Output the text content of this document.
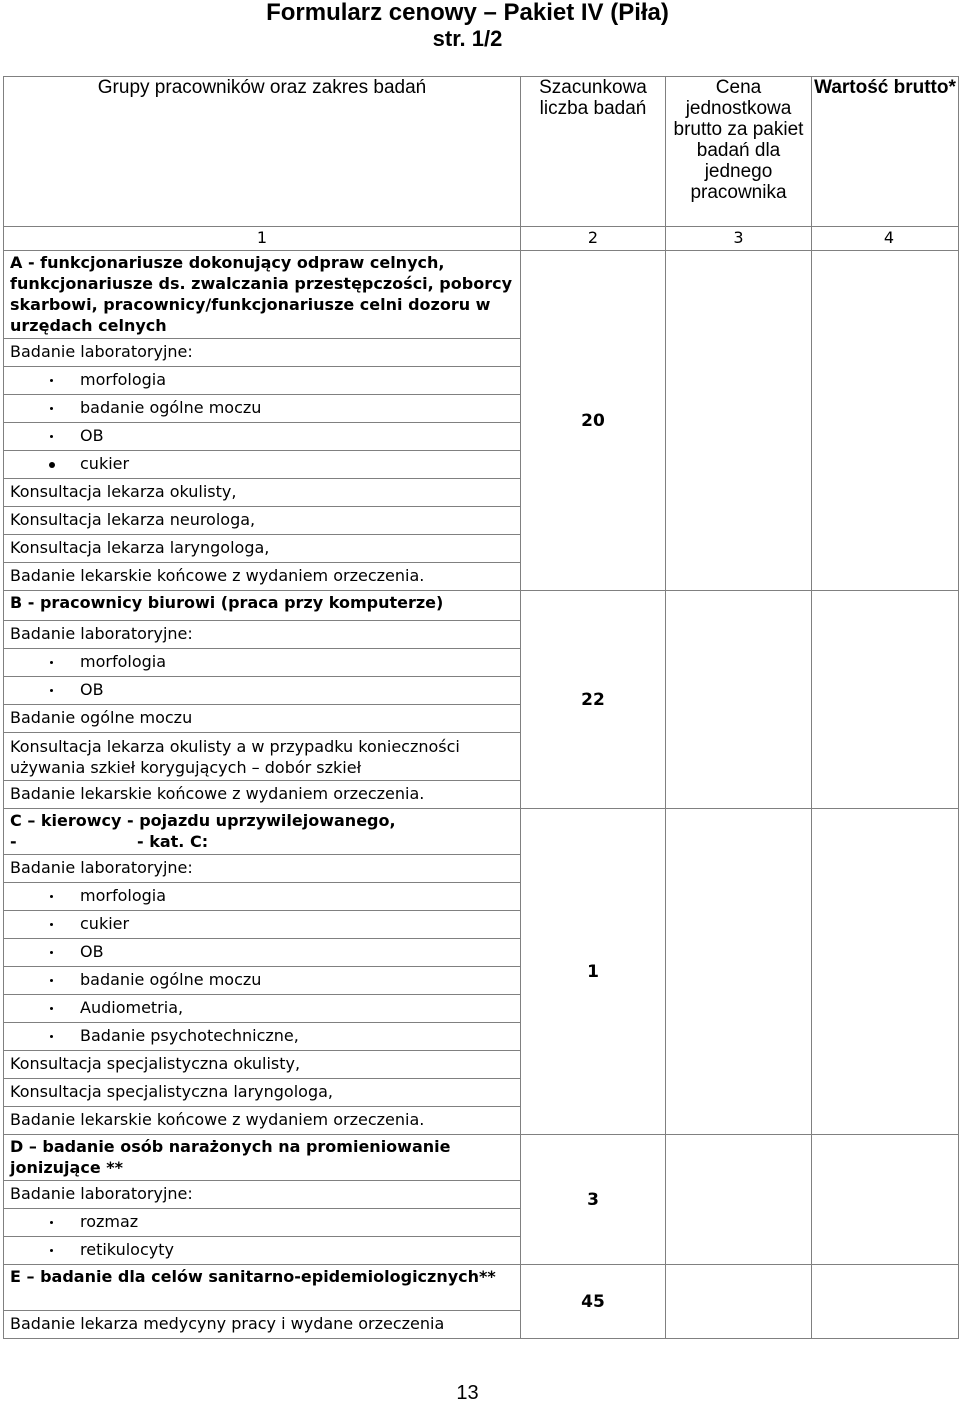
Formularz cenowy – Pakiet IV (Piła)
str. 1/2
Grupy pracowników oraz zakres badań	Szacunkowa liczba badań	Cena jednostkowa brutto za pakiet badań dla jednego pracownika	Wartość brutto*
1	2	3	4
A - funkcjonariusze dokonujący odpraw celnych, funkcjonariusze ds. zwalczania przestępczości, poborcy skarbowi, pracownicy/funkcjonariusze celni dozoru w urzędach celnych	20		
Badanie laboratoryjne:			
morfologia			
badanie ogólne moczu			
OB			
cukier			
Konsultacja lekarza okulisty,			
Konsultacja lekarza neurologa,			
Konsultacja lekarza laryngologa,			
Badanie lekarskie końcowe z wydaniem orzeczenia.			
B - pracownicy biurowi (praca przy komputerze)	22		
Badanie laboratoryjne:			
morfologia			
OB			
Badanie ogólne moczu			
Konsultacja lekarza okulisty a w przypadku konieczności używania szkieł korygujących – dobór szkieł			
Badanie lekarskie końcowe z wydaniem orzeczenia.			

C – kierowcy - pojazdu uprzywilejowanego,
- - kat. C:	1		
Badanie laboratoryjne:			
morfologia			
cukier			
OB			
badanie ogólne moczu			
Audiometria,			
Badanie psychotechniczne,			
Konsultacja specjalistyczna okulisty,			
Konsultacja specjalistyczna laryngologa,			
Badanie lekarskie końcowe z wydaniem orzeczenia.			
D – badanie osób narażonych na promieniowanie jonizujące **	3		
Badanie laboratoryjne:			
rozmaz			
retikulocyty			
E – badanie dla celów sanitarno-epidemiologicznych**	45		
Badanie lekarza medycyny pracy i wydane orzeczenia			
13
